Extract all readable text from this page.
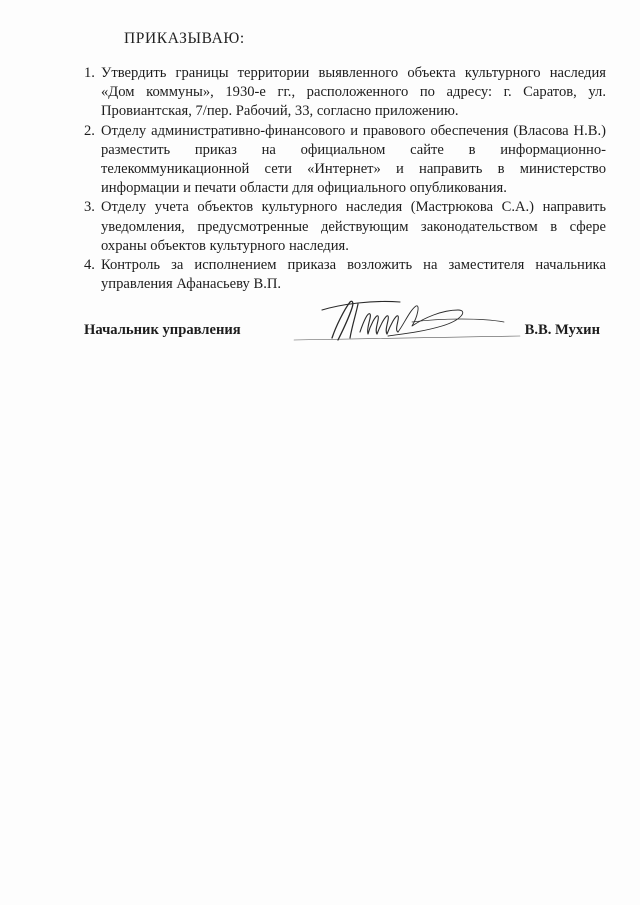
ПРИКАЗЫВАЮ:
1. Утвердить границы территории выявленного объекта культурного наследия «Дом коммуны», 1930-е гг., расположенного по адресу: г. Саратов, ул. Провиантская, 7/пер. Рабочий, 33, согласно приложению.
2. Отделу административно-финансового и правового обеспечения (Власова Н.В.) разместить приказ на официальном сайте в информационно-телекоммуникационной сети «Интернет» и направить в министерство информации и печати области для официального опубликования.
3. Отделу учета объектов культурного наследия (Мастрюкова С.А.) направить уведомления, предусмотренные действующим законодательством в сфере охраны объектов культурного наследия.
4. Контроль за исполнением приказа возложить на заместителя начальника управления Афанасьеву В.П.
Начальник управления	В.В. Мухин
